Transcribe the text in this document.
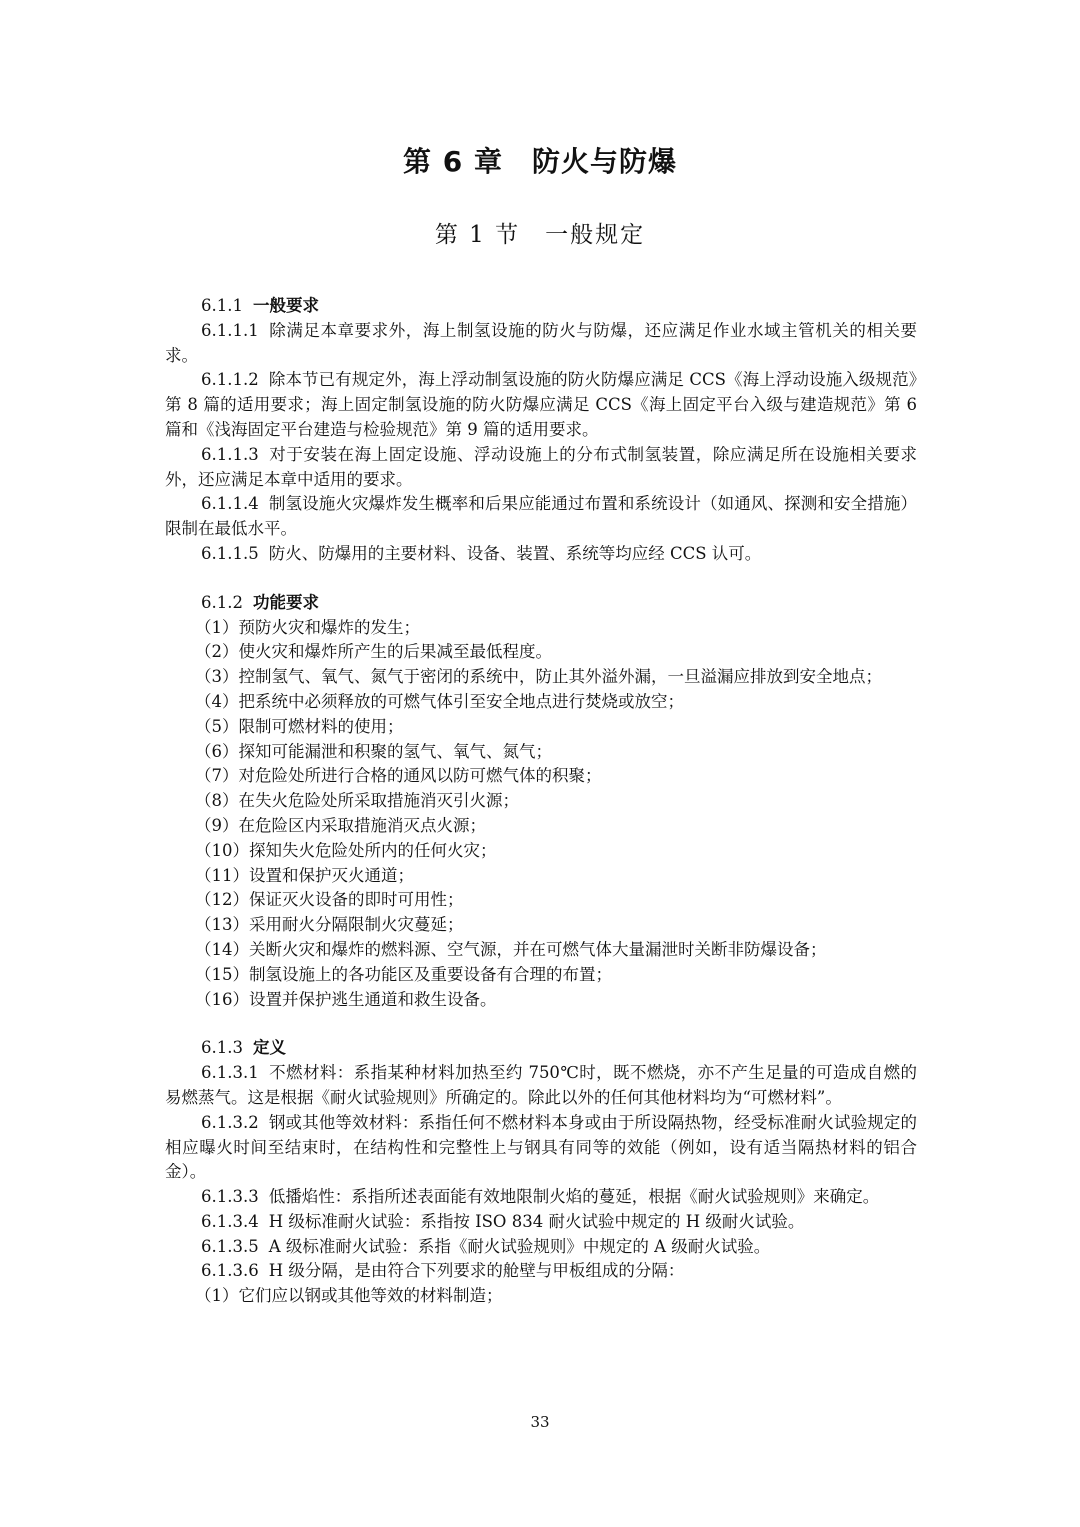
第 6 章　防火与防爆
第 1 节　一般规定

6.1.1 一般要求

6.1.1.1 除满足本章要求外，海上制氢设施的防火与防爆，还应满足作业水域主管机关的相关要求。

6.1.1.2 除本节已有规定外，海上浮动制氢设施的防火防爆应满足 CCS《海上浮动设施入级规范》第 8 篇的适用要求；海上固定制氢设施的防火防爆应满足 CCS《海上固定平台入级与建造规范》第 6 篇和《浅海固定平台建造与检验规范》第 9 篇的适用要求。

6.1.1.3 对于安装在海上固定设施、浮动设施上的分布式制氢装置，除应满足所在设施相关要求外，还应满足本章中适用的要求。

6.1.1.4 制氢设施火灾爆炸发生概率和后果应能通过布置和系统设计（如通风、探测和安全措施）限制在最低水平。

6.1.1.5 防火、防爆用的主要材料、设备、装置、系统等均应经 CCS 认可。

6.1.2 功能要求

（1）预防火灾和爆炸的发生；

（2）使火灾和爆炸所产生的后果减至最低程度。

（3）控制氢气、氧气、氮气于密闭的系统中，防止其外溢外漏，一旦溢漏应排放到安全地点；

（4）把系统中必须释放的可燃气体引至安全地点进行焚烧或放空；

（5）限制可燃材料的使用；

（6）探知可能漏泄和积聚的氢气、氧气、氮气；

（7）对危险处所进行合格的通风以防可燃气体的积聚；

（8）在失火危险处所采取措施消灭引火源；

（9）在危险区内采取措施消灭点火源；

（10）探知失火危险处所内的任何火灾；

（11）设置和保护灭火通道；

（12）保证灭火设备的即时可用性；

（13）采用耐火分隔限制火灾蔓延；

（14）关断火灾和爆炸的燃料源、空气源，并在可燃气体大量漏泄时关断非防爆设备；

（15）制氢设施上的各功能区及重要设备有合理的布置；

（16）设置并保护逃生通道和救生设备。

6.1.3 定义

6.1.3.1 不燃材料：系指某种材料加热至约 750℃时，既不燃烧，亦不产生足量的可造成自燃的易燃蒸气。这是根据《耐火试验规则》所确定的。除此以外的任何其他材料均为“可燃材料”。

6.1.3.2 钢或其他等效材料：系指任何不燃材料本身或由于所设隔热物，经受标准耐火试验规定的相应曝火时间至结束时，在结构性和完整性上与钢具有同等的效能（例如，设有适当隔热材料的铝合金）。

6.1.3.3 低播焰性：系指所述表面能有效地限制火焰的蔓延，根据《耐火试验规则》来确定。

6.1.3.4 H 级标准耐火试验：系指按 ISO 834 耐火试验中规定的 H 级耐火试验。

6.1.3.5 A 级标准耐火试验：系指《耐火试验规则》中规定的 A 级耐火试验。

6.1.3.6 H 级分隔，是由符合下列要求的舱壁与甲板组成的分隔：

（1）它们应以钢或其他等效的材料制造；

33
